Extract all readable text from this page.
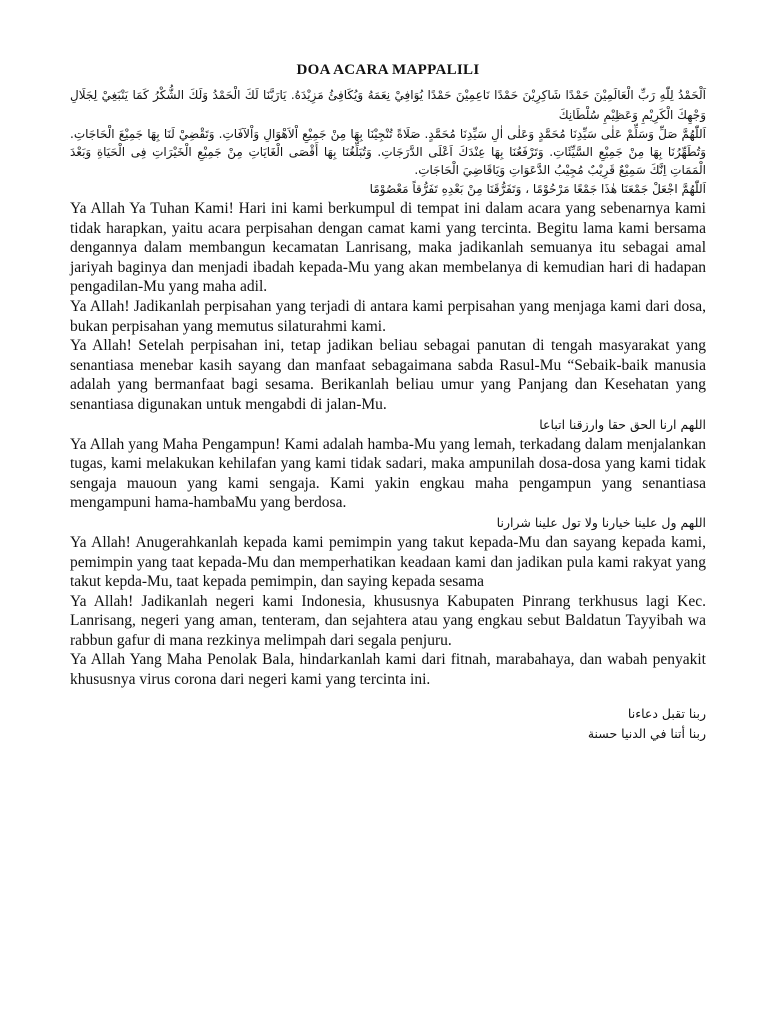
DOA ACARA MAPPALILI

اَلْحَمْدُ لِلّٰهِ رَبِّ الْعَالَمِيْنَ حَمْدًا شَاكِرِيْنَ حَمْدًا نَاعِمِيْنَ حَمْدًا يُوَافِيْ نِعَمَهُ وَيُكَافِئُ مَزِيْدَهُ. يَارَبَّنَا لَكَ الْحَمْدُ وَلَكَ الشُّكْرُ كَمَا يَنْبَغِيْ لِجَلَالِ وَجْهِكَ الْكَرِيْمِ وَعَظِيْمِ سُلْطَانِكَ

اَللّٰهُمَّ صَلِّ وَسَلِّمْ عَلٰى سَيِّدِنَا مُحَمَّدٍ وَعَلٰى اٰلِ سَيِّدِنَا مُحَمَّدٍ. صَلَاةً تُنْجِيْنَا بِهَا مِنْ جَمِيْعِ اْلاَهْوَالِ وَاْلآفَاتِ. وَتَقْضِيْ لَنَا بِهَا جَمِيْعَ الْحَاجَاتِ. وَتُطَهِّرُنَا بِهَا مِنْ جَمِيْعِ السَّيِّئَاتِ. وَتَرْفَعُنَا بِهَا عِنْدَكَ اَعْلَى الدَّرَجَاتِ. وَتُبَلِّغُنَا بِهَا أَقْصَى الْغَايَاتِ مِنْ جَمِيْعِ الْخَيْرَاتِ فِى الْحَيَاةِ وَبَعْدَ الْمَمَاتِ اِنَّكَ سَمِيْعٌ قَرِيْبٌ مُجِيْبُ الدَّعَوَاتِ وَيَاقَاضِيَ الْحَاجَاتِ.

اَللّٰهُمَّ اجْعَلْ جَمْعَنَا هٰذَا جَمْعًا مَرْحُوْمًا ، وَتَفَرُّقَنَا مِنْ بَعْدِهِ تَفَرُّقاً مَعْصُوْمًا

Ya Allah Ya Tuhan Kami! Hari ini kami berkumpul di tempat ini dalam acara yang sebenarnya kami tidak harapkan, yaitu acara perpisahan dengan camat kami yang tercinta. Begitu lama kami bersama dengannya dalam membangun kecamatan Lanrisang, maka jadikanlah semuanya itu sebagai amal jariyah baginya dan menjadi ibadah kepada-Mu yang akan membelanya di kemudian hari di hadapan pengadilan-Mu yang maha adil.

Ya Allah! Jadikanlah perpisahan yang terjadi di antara kami perpisahan yang menjaga kami dari dosa, bukan perpisahan yang memutus silaturahmi kami.

Ya Allah! Setelah perpisahan ini, tetap jadikan beliau sebagai panutan di tengah masyarakat yang senantiasa menebar kasih sayang dan manfaat sebagaimana sabda Rasul-Mu “Sebaik-baik manusia adalah yang bermanfaat bagi sesama. Berikanlah beliau umur yang Panjang dan Kesehatan yang senantiasa digunakan untuk mengabdi di jalan-Mu.

اللهم ارنا الحق حقا وارزقنا اتباعا

Ya Allah yang Maha Pengampun! Kami adalah hamba-Mu yang lemah, terkadang dalam menjalankan tugas, kami melakukan kehilafan yang kami tidak sadari, maka ampunilah dosa-dosa yang kami tidak sengaja mauoun yang kami sengaja. Kami yakin engkau maha pengampun yang senantiasa mengampuni hama-hambaMu yang berdosa.

اللهم ول علينا خيارنا ولا تول علينا شرارنا

Ya Allah! Anugerahkanlah kepada kami pemimpin yang takut kepada-Mu dan sayang kepada kami, pemimpin yang taat kepada-Mu dan memperhatikan keadaan kami dan jadikan pula kami rakyat yang takut kepda-Mu, taat kepada pemimpin, dan saying kepada sesama

Ya Allah! Jadikanlah negeri kami Indonesia, khususnya Kabupaten Pinrang terkhusus lagi Kec. Lanrisang, negeri yang aman, tenteram, dan sejahtera atau yang engkau sebut Baldatun Tayyibah wa rabbun gafur di mana rezkinya melimpah dari segala penjuru.

Ya Allah Yang Maha Penolak Bala, hindarkanlah kami dari fitnah, marabahaya, dan wabah penyakit khususnya virus corona dari negeri kami yang tercinta ini.

ربنا تقبل دعاءنا

ربنا أتنا في الدنيا حسنة
